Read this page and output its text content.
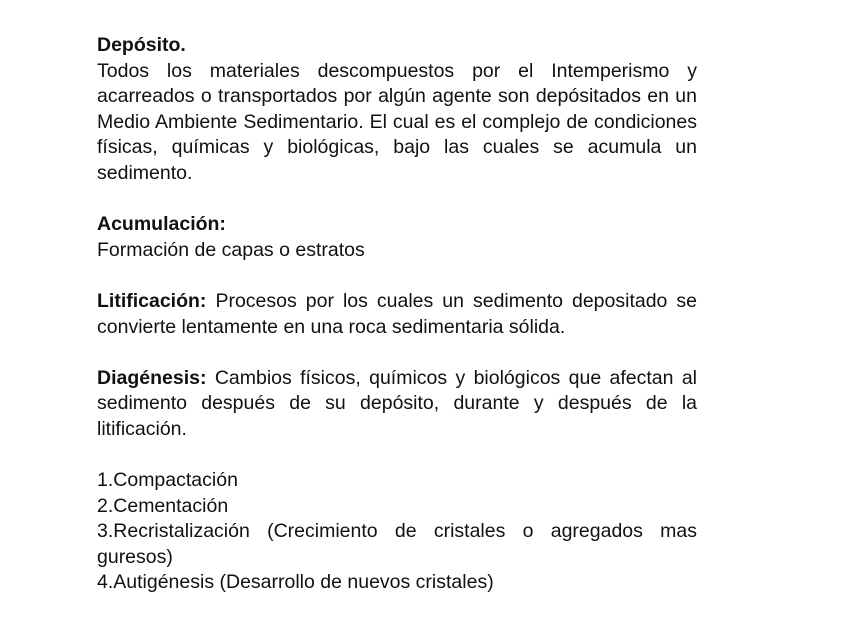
Depósito.
Todos los materiales descompuestos por el Intemperismo y acarreados o transportados por algún agente son depósitados en un Medio Ambiente Sedimentario. El cual es el complejo de condiciones físicas, químicas y biológicas, bajo las cuales se acumula un sedimento.
Acumulación:
Formación de capas o estratos
Litificación: Procesos por los cuales un sedimento depositado se convierte lentamente en una roca sedimentaria sólida.
Diagénesis: Cambios físicos, químicos y biológicos que afectan al sedimento después de su depósito, durante y después de la litificación.
1.Compactación
2.Cementación
3.Recristalización (Crecimiento de cristales o agregados mas guresos)
4.Autigénesis (Desarrollo de nuevos cristales)
